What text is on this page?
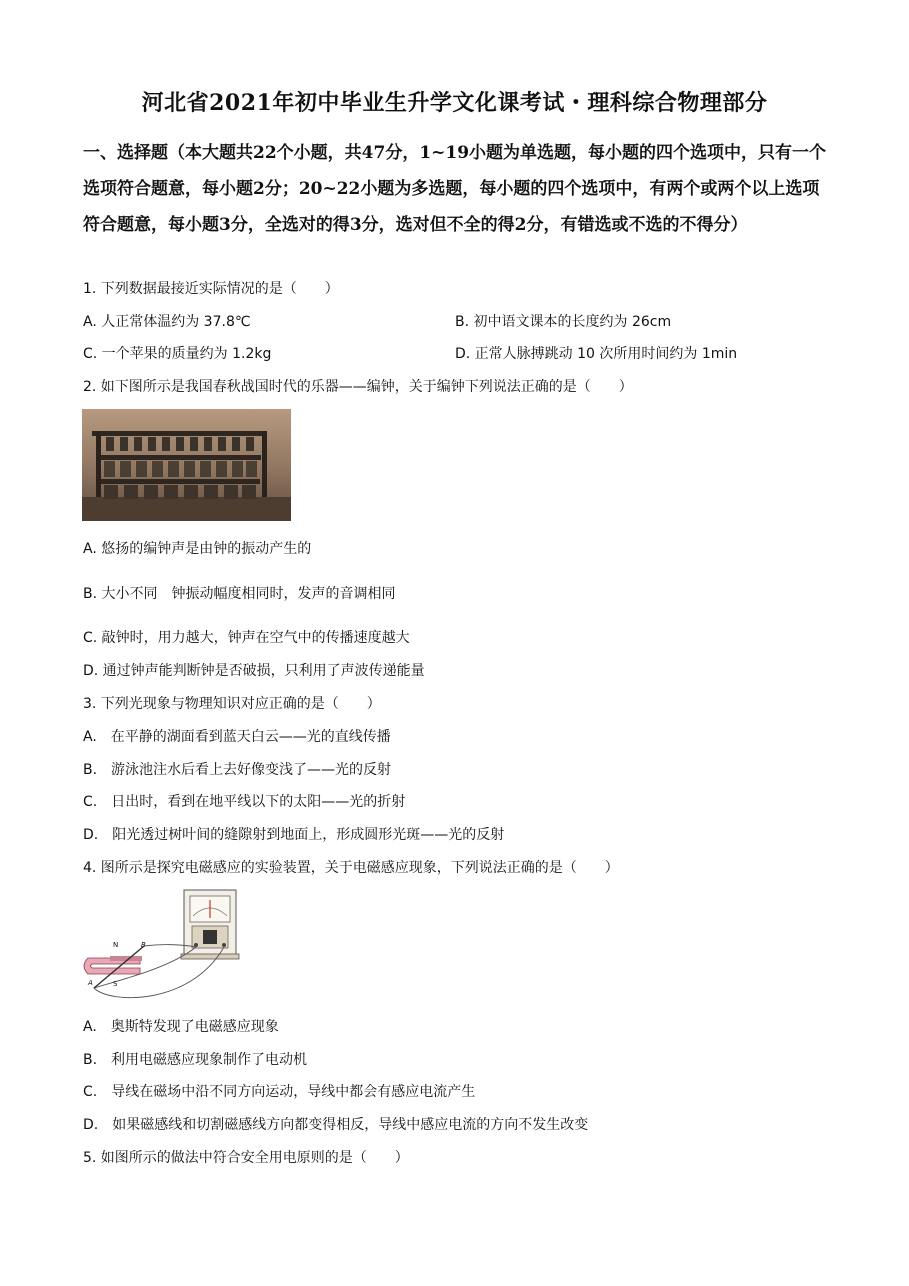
河北省2021年初中毕业生升学文化课考试・理科综合物理部分
一、选择题（本大题共22个小题，共47分，1~19小题为单选题，每小题的四个选项中，只有一个选项符合题意，每小题2分；20~22小题为多选题，每小题的四个选项中，有两个或两个以上选项符合题意，每小题3分，全选对的得3分，选对但不全的得2分，有错选或不选的不得分）
1. 下列数据最接近实际情况的是（　　）
A. 人正常体温约为 37.8℃	B. 初中语文课本的长度约为 26cm
C. 一个苹果的质量约为 1.2kg	D. 正常人脉搏跳动 10 次所用时间约为 1min
2. 如下图所示是我国春秋战国时代的乐器——编钟，关于编钟下列说法正确的是（　　）
A. 悠扬的编钟声是由钟的振动产生的
B. 大小不同　钟振动幅度相同时，发声的音调相同
C. 敲钟时，用力越大，钟声在空气中的传播速度越大
D. 通过钟声能判断钟是否破损，只利用了声波传递能量
3. 下列光现象与物理知识对应正确的是（　　）
A.　在平静的湖面看到蓝天白云——光的直线传播
B.　游泳池注水后看上去好像变浅了——光的反射
C.　日出时，看到在地平线以下的太阳——光的折射
D.　阳光透过树叶间的缝隙射到地面上，形成圆形光斑——光的反射
4. 图所示是探究电磁感应的实验装置，关于电磁感应现象，下列说法正确的是（　　）
N
S
A
B
A.　奥斯特发现了电磁感应现象
B.　利用电磁感应现象制作了电动机
C.　导线在磁场中沿不同方向运动，导线中都会有感应电流产生
D.　如果磁感线和切割磁感线方向都变得相反，导线中感应电流的方向不发生改变
5. 如图所示的做法中符合安全用电原则的是（　　）
